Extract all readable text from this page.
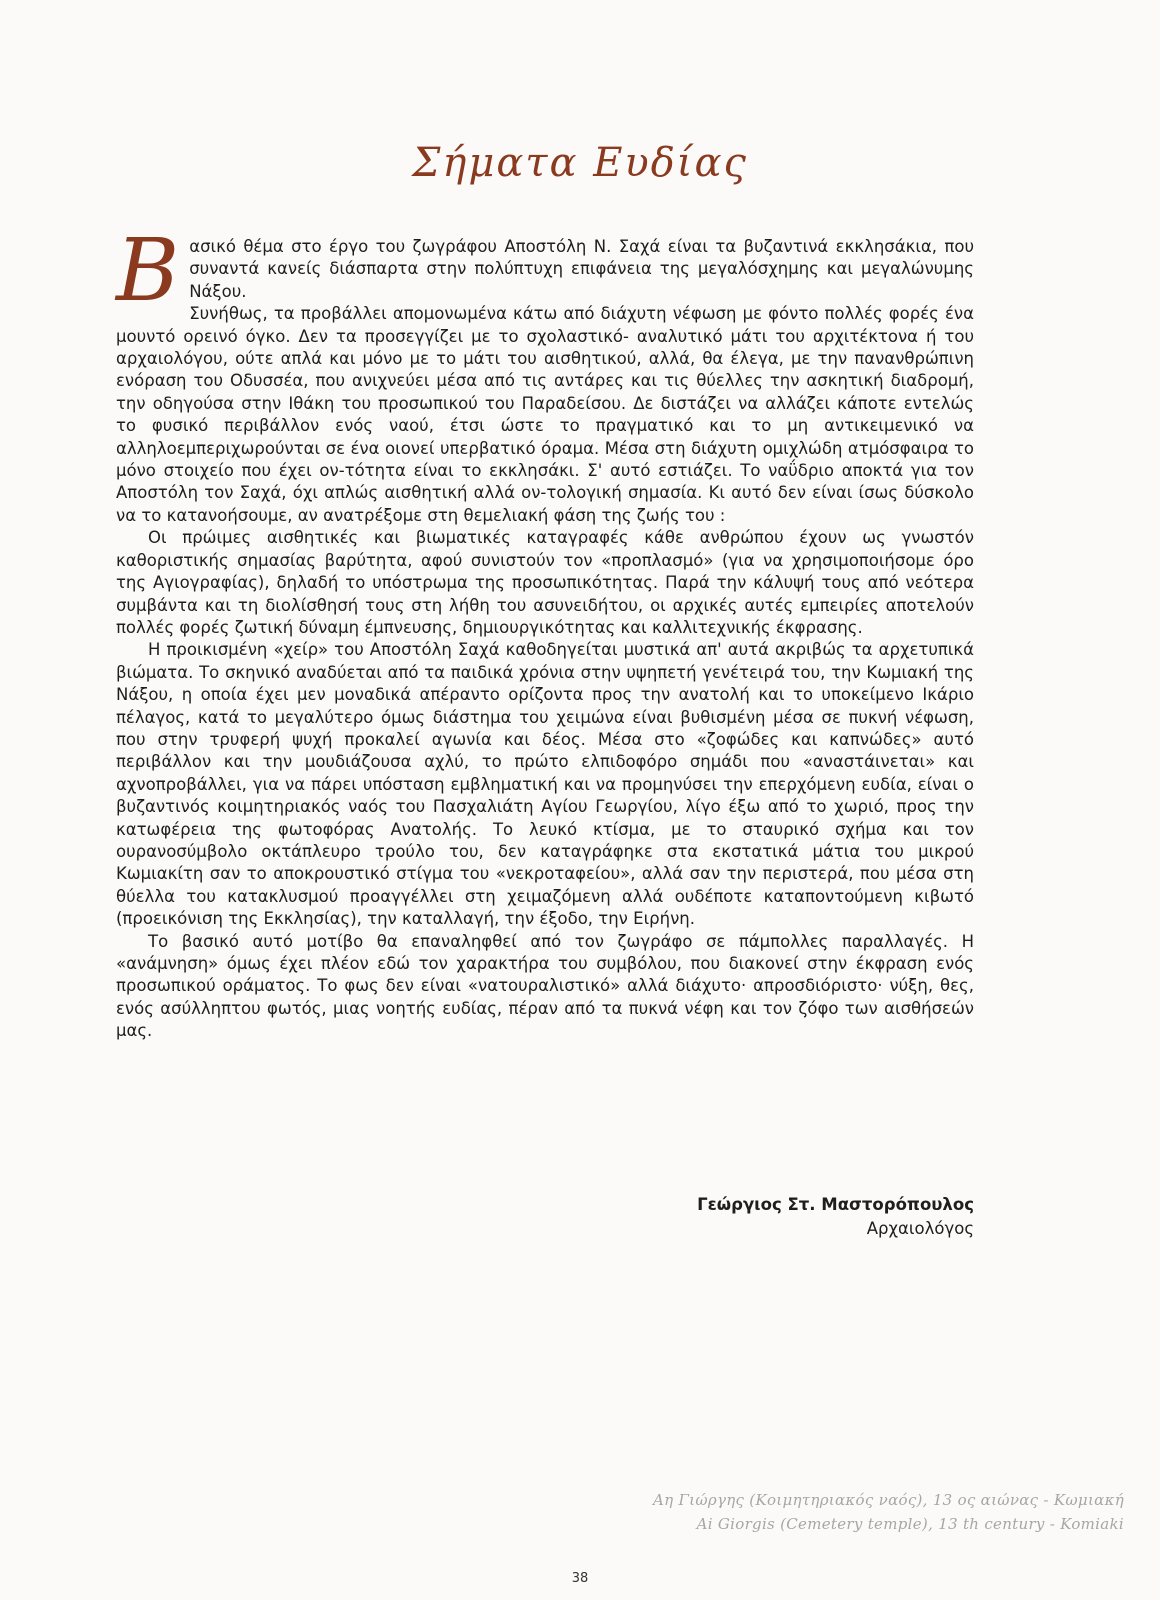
Σήματα Ευδίας

Βασικό θέμα στο έργο του ζωγράφου Αποστόλη Ν. Σαχά είναι τα βυζαντινά εκκλησάκια, που συναντά κανείς διάσπαρτα στην πολύπτυχη επιφάνεια της μεγαλόσχημης και μεγαλώνυμης Νάξου.

Συνήθως, τα προβάλλει απομονωμένα κάτω από διάχυτη νέφωση με φόντο πολλές φορές ένα μουντό ορεινό όγκο. Δεν τα προσεγγίζει με το σχολαστικό- αναλυτικό μάτι του αρχιτέκτονα ή του αρχαιολόγου, ούτε απλά και μόνο με το μάτι του αισθητικού, αλλά, θα έλεγα, με την πανανθρώπινη ενόραση του Οδυσσέα, που ανιχνεύει μέσα από τις αντάρες και τις θύελλες την ασκητική διαδρομή, την οδηγούσα στην Ιθάκη του προσωπικού του Παραδείσου. Δε διστάζει να αλλάζει κάποτε εντελώς το φυσικό περιβάλλον ενός ναού, έτσι ώστε το πραγματικό και το μη αντικειμενικό να αλληλοεμπεριχωρούνται σε ένα οιονεί υπερβατικό όραμα. Μέσα στη διάχυτη ομιχλώδη ατμόσφαιρα το μόνο στοιχείο που έχει ον-τότητα είναι το εκκλησάκι. Σ' αυτό εστιάζει. Το ναΰδριο αποκτά για τον Αποστόλη τον Σαχά, όχι απλώς αισθητική αλλά ον-τολογική σημασία. Κι αυτό δεν είναι ίσως δύσκολο να το κατανοήσουμε, αν ανατρέξομε στη θεμελιακή φάση της ζωής του :

Οι πρώιμες αισθητικές και βιωματικές καταγραφές κάθε ανθρώπου έχουν ως γνωστόν καθοριστικής σημασίας βαρύτητα, αφού συνιστούν τον «προπλασμό» (για να χρησιμοποιήσομε όρο της Αγιογραφίας), δηλαδή το υπόστρωμα της προσωπικότητας. Παρά την κάλυψή τους από νεότερα συμβάντα και τη διολίσθησή τους στη λήθη του ασυνειδήτου, οι αρχικές αυτές εμπειρίες αποτελούν πολλές φορές ζωτική δύναμη έμπνευσης, δημιουργικότητας και καλλιτεχνικής έκφρασης.

Η προικισμένη «χείρ» του Αποστόλη Σαχά καθοδηγείται μυστικά απ' αυτά ακριβώς τα αρχετυπικά βιώματα. Το σκηνικό αναδύεται από τα παιδικά χρόνια στην υψηπετή γενέτειρά του, την Κωμιακή της Νάξου, η οποία έχει μεν μοναδικά απέραντο ορίζοντα προς την ανατολή και το υποκείμενο Ικάριο πέλαγος, κατά το μεγαλύτερο όμως διάστημα του χειμώνα είναι βυθισμένη μέσα σε πυκνή νέφωση, που στην τρυφερή ψυχή προκαλεί αγωνία και δέος. Μέσα στο «ζοφώδες και καπνώδες» αυτό περιβάλλον και την μουδιάζουσα αχλύ, το πρώτο ελπιδοφόρο σημάδι που «αναστάινεται» και αχνοπροβάλλει, για να πάρει υπόσταση εμβληματική και να προμηνύσει την επερχόμενη ευδία, είναι ο βυζαντινός κοιμητηριακός ναός του Πασχαλιάτη Αγίου Γεωργίου, λίγο έξω από το χωριό, προς την κατωφέρεια της φωτοφόρας Ανατολής. Το λευκό κτίσμα, με το σταυρικό σχήμα και τον ουρανοσύμβολο οκτάπλευρο τρούλο του, δεν καταγράφηκε στα εκστατικά μάτια του μικρού Κωμιακίτη σαν το αποκρουστικό στίγμα του «νεκροταφείου», αλλά σαν την περιστερά, που μέσα στη θύελλα του κατακλυσμού προαγγέλλει στη χειμαζόμενη αλλά ουδέποτε καταποντούμενη κιβωτό (προεικόνιση της Εκκλησίας), την καταλλαγή, την έξοδο, την Ειρήνη.

Το βασικό αυτό μοτίβο θα επαναληφθεί από τον ζωγράφο σε πάμπολλες παραλλαγές. Η «ανάμνηση» όμως έχει πλέον εδώ τον χαρακτήρα του συμβόλου, που διακονεί στην έκφραση ενός προσωπικού οράματος. Το φως δεν είναι «νατουραλιστικό» αλλά διάχυτο· απροσδιόριστο· νύξη, θες, ενός ασύλληπτου φωτός, μιας νοητής ευδίας, πέραν από τα πυκνά νέφη και τον ζόφο των αισθήσεών μας.

Γεώργιος Στ. Μαστορόπουλος
Αρχαιολόγος
Αη Γιώργης (Κοιμητηριακός ναός), 13 ος αιώνας - Κωμιακή
Ai Giorgis (Cemetery temple), 13 th century - Komiaki
38
